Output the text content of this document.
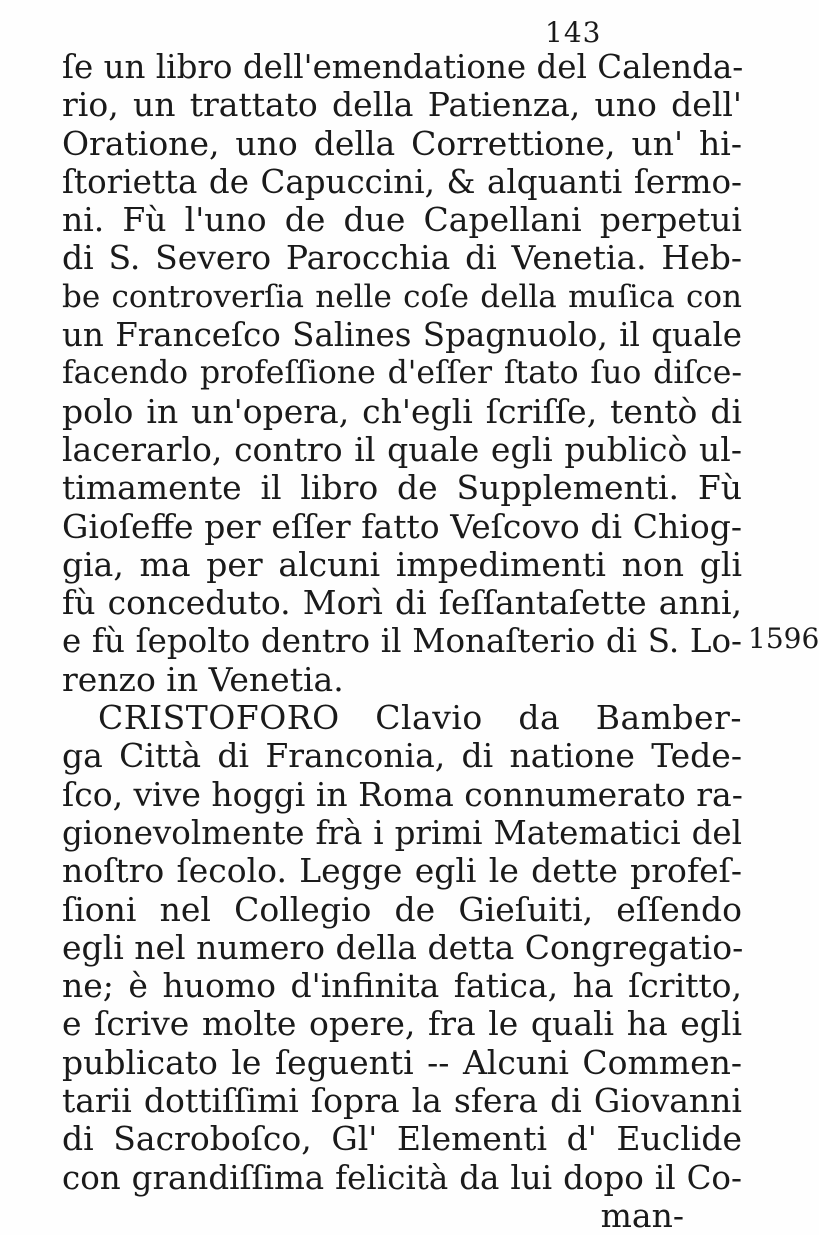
143
ſe un libro dell'emendatione del Calenda-
rio, un trattato della Patienza, uno dell'
Oratione, uno della Correttione, un' hi-
ſtorietta de Capuccini, & alquanti ſermo-
ni. Fù l'uno de due Capellani perpetui
di S. Severo Parocchia di Venetia. Heb-
be controverſia nelle coſe della muſica con
un Franceſco Salines Spagnuolo, il quale
facendo profeſſione d'eſſer ſtato ſuo diſce-
polo in un'opera, ch'egli ſcriſſe, tentò di
lacerarlo, contro il quale egli publicò ul-
timamente il libro de Supplementi. Fù
Gioſeffe per eſſer fatto Veſcovo di Chiog-
gia, ma per alcuni impedimenti non gli
fù conceduto. Morì di ſeſſantaſette anni,
e fù ſepolto dentro il Monaſterio di S. Lo-
renzo in Venetia.
CRISTOFORO Clavio da Bamber-
ga Città di Franconia, di natione Tede-
ſco, vive hoggi in Roma connumerato ra-
gionevolmente frà i primi Matematici del
noſtro ſecolo. Legge egli le dette profeſ-
ſioni nel Collegio de Gieſuiti, eſſendo
egli nel numero della detta Congregatio-
ne; è huomo d'infinita fatica, ha ſcritto,
e ſcrive molte opere, fra le quali ha egli
publicato le ſeguenti -- Alcuni Commen-
tarii dottiſſimi ſopra la sfera di Giovanni
di Sacroboſco, Gl' Elementi d' Euclide
con grandiſſima felicità da lui dopo il Co-
man-
1596
